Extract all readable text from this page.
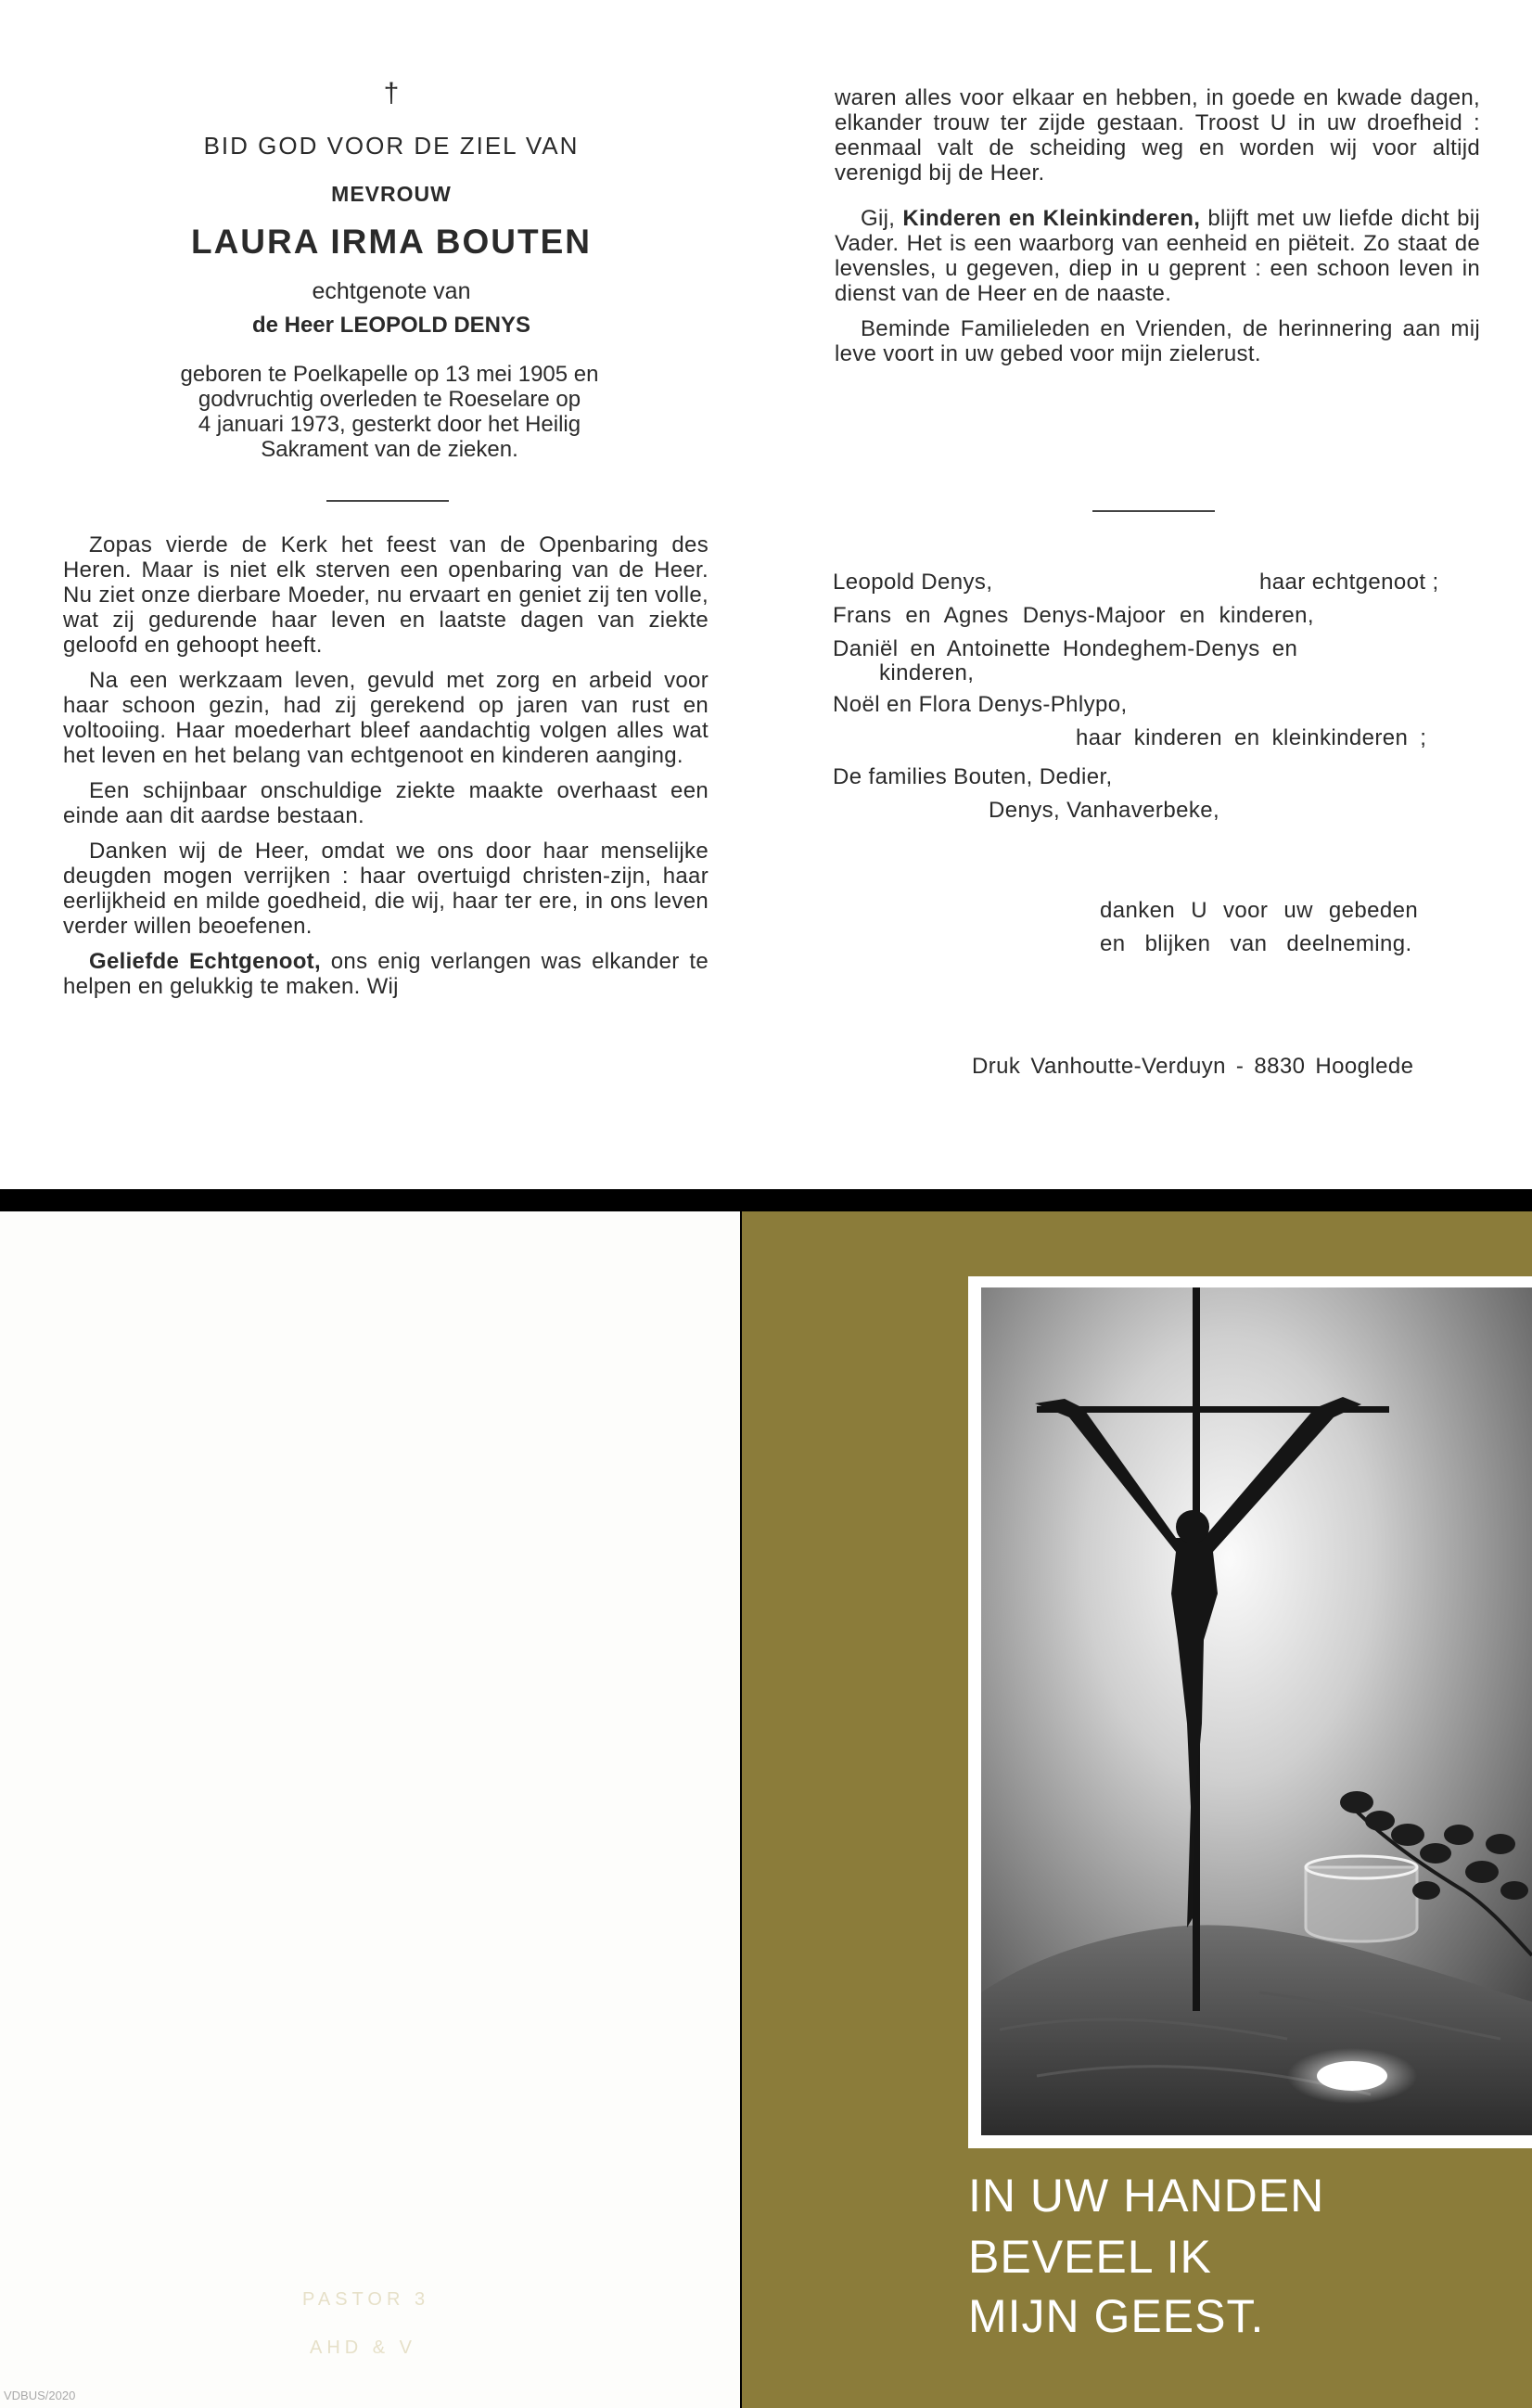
†
BID GOD VOOR DE ZIEL VAN
MEVROUW
LAURA IRMA BOUTEN
echtgenote van
de Heer LEOPOLD DENYS
geboren te Poelkapelle op 13 mei 1905 en
godvruchtig overleden te Roeselare op
4 januari 1973, gesterkt door het Heilig
Sakrament van de zieken.

Zopas vierde de Kerk het feest van de Openbaring des Heren. Maar is niet elk sterven een openbaring van de Heer. Nu ziet onze dierbare Moeder, nu ervaart en geniet zij ten volle, wat zij gedurende haar leven en laatste dagen van ziekte geloofd en gehoopt heeft.

Na een werkzaam leven, gevuld met zorg en arbeid voor haar schoon gezin, had zij gerekend op jaren van rust en voltooiing. Haar moederhart bleef aandachtig volgen alles wat het leven en het belang van echtgenoot en kinderen aanging.

Een schijnbaar onschuldige ziekte maakte overhaast een einde aan dit aardse bestaan.

Danken wij de Heer, omdat we ons door haar menselijke deugden mogen verrijken : haar overtuigd christen-zijn, haar eerlijkheid en milde goedheid, die wij, haar ter ere, in ons leven verder willen beoefenen.

Geliefde Echtgenoot, ons enig verlangen was elkander te helpen en gelukkig te maken. Wij

waren alles voor elkaar en hebben, in goede en kwade dagen, elkander trouw ter zijde gestaan. Troost U in uw droefheid : eenmaal valt de scheiding weg en worden wij voor altijd verenigd bij de Heer.

Gij, Kinderen en Kleinkinderen, blijft met uw liefde dicht bij Vader. Het is een waarborg van eenheid en piëteit. Zo staat de levensles, u gegeven, diep in u geprent : een schoon leven in dienst van de Heer en de naaste.

Beminde Familieleden en Vrienden, de herinnering aan mij leve voort in uw gebed voor mijn zielerust.

Leopold Denys,	haar echtgenoot ;
Frans en Agnes Denys-Majoor en kinderen,
Daniël en Antoinette Hondeghem-Denys en
kinderen,
Noël en Flora Denys-Phlypo,
haar kinderen en kleinkinderen ;
De families Bouten, Dedier,
Denys, Vanhaverbeke,
danken U voor uw gebeden
en blijken van deelneming.
Druk Vanhoutte-Verduyn - 8830 Hooglede
PASTOR 3
AHD & V
IN UW HANDEN
BEVEEL IK
MIJN GEEST.
VDBUS/2020
